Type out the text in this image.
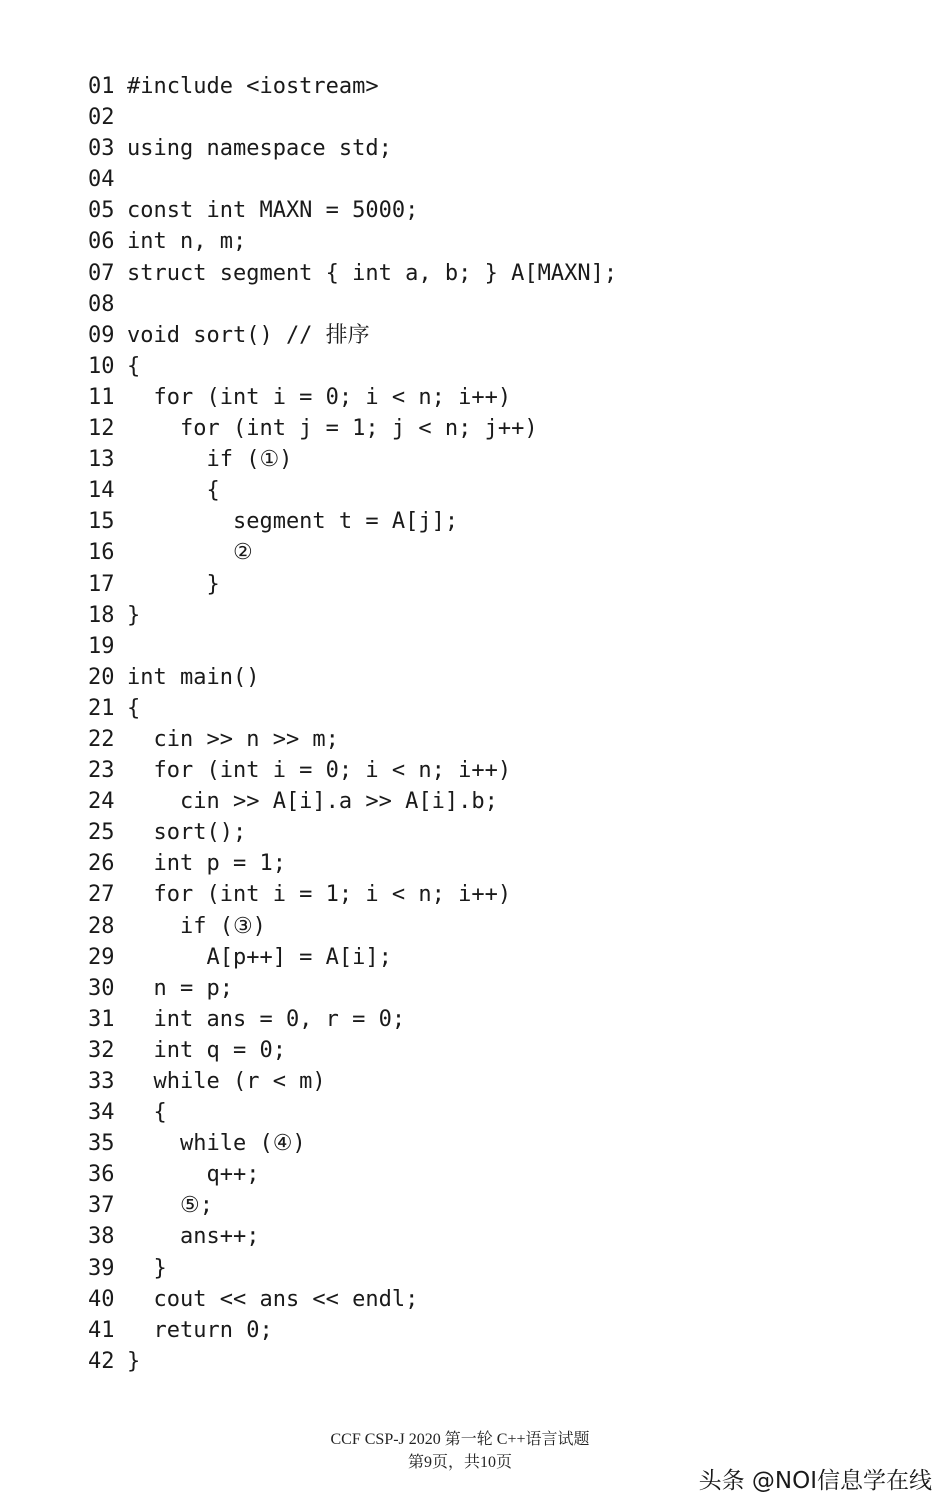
01 #include <iostream>
02
03 using namespace std;
04
05 const int MAXN = 5000;
06 int n, m;
07 struct segment { int a, b; } A[MAXN];
08
09 void sort() // 排序
10 {
11 for (int i = 0; i < n; i++)
12 for (int j = 1; j < n; j++)
13 if (①)
14 {
15 segment t = A[j];
16 ②
17 }
18 }
19
20 int main()
21 {
22 cin >> n >> m;
23 for (int i = 0; i < n; i++)
24 cin >> A[i].a >> A[i].b;
25 sort();
26 int p = 1;
27 for (int i = 1; i < n; i++)
28 if (③)
29 A[p++] = A[i];
30 n = p;
31 int ans = 0, r = 0;
32 int q = 0;
33 while (r < m)
34 {
35 while (④)
36 q++;
37 ⑤;
38 ans++;
39 }
40 cout << ans << endl;
41 return 0;
42 }
CCF CSP-J 2020 第一轮 C++语言试题
第9页，共10页
头条 @NOI信息学在线
